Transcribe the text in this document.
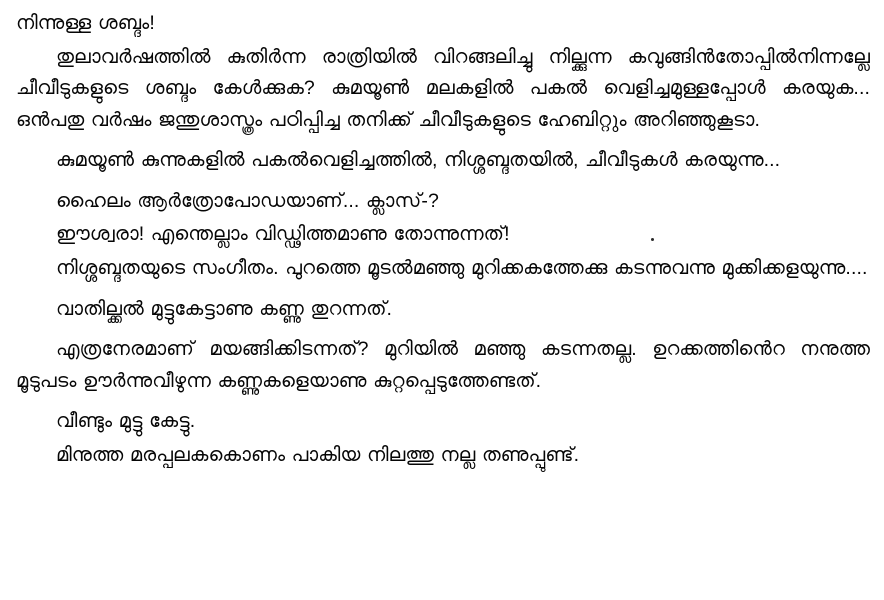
നിന്നുള്ള ശബ്ദം!

തുലാവർഷത്തിൽ കുതിർന്ന രാത്രിയിൽ വിറങ്ങലിച്ചു നില്ക്കുന്ന കവുങ്ങിൻതോപ്പിൽനിന്നല്ലേ ചീവീടുകളുടെ ശബ്ദം കേൾക്കുക? കുമയൂൺ മലകളിൽ പകൽ വെളിച്ചമുള്ളപ്പോൾ കരയുക... ഒൻപതു വർഷം ജന്തുശാസ്ത്രം പഠിപ്പിച്ച തനിക്ക് ചീവീടുകളുടെ ഹേബിറ്റും അറിഞ്ഞുകൂടാ.

കുമയൂൺ കുന്നുകളിൽ പകൽവെളിച്ചത്തിൽ, നിശ്ശബ്ദതയിൽ, ചീവീടുകൾ കരയുന്നു...

ഹൈലം ആർത്രോപോഡയാണ്... ക്ലാസ്-?

ഈശ്വരാ! എന്തെല്ലാം വിഡ്ഢിത്തമാണു തോന്നുന്നത്!

നിശ്ശബ്ദതയുടെ സംഗീതം. പുറത്തെ മൂടൽമഞ്ഞു മുറിക്കകത്തേക്കു കടന്നുവന്നു മുക്കിക്കളയുന്നു....

വാതില്ക്കൽ മുട്ടുകേട്ടാണു കണ്ണു തുറന്നത്.

എത്രനേരമാണ് മയങ്ങിക്കിടന്നത്? മുറിയിൽ മഞ്ഞു കടന്നതല്ല. ഉറക്കത്തിൻെറ നനുത്ത മൂടുപടം ഊർന്നുവീഴുന്ന കണ്ണുകളെയാണു കുറ്റപ്പെടുത്തേണ്ടത്.

വീണ്ടും മുട്ടു കേട്ടു.

മിനുത്ത മരപ്പലകകൊണം പാകിയ നിലത്തു നല്ല തണുപ്പുണ്ട്.
